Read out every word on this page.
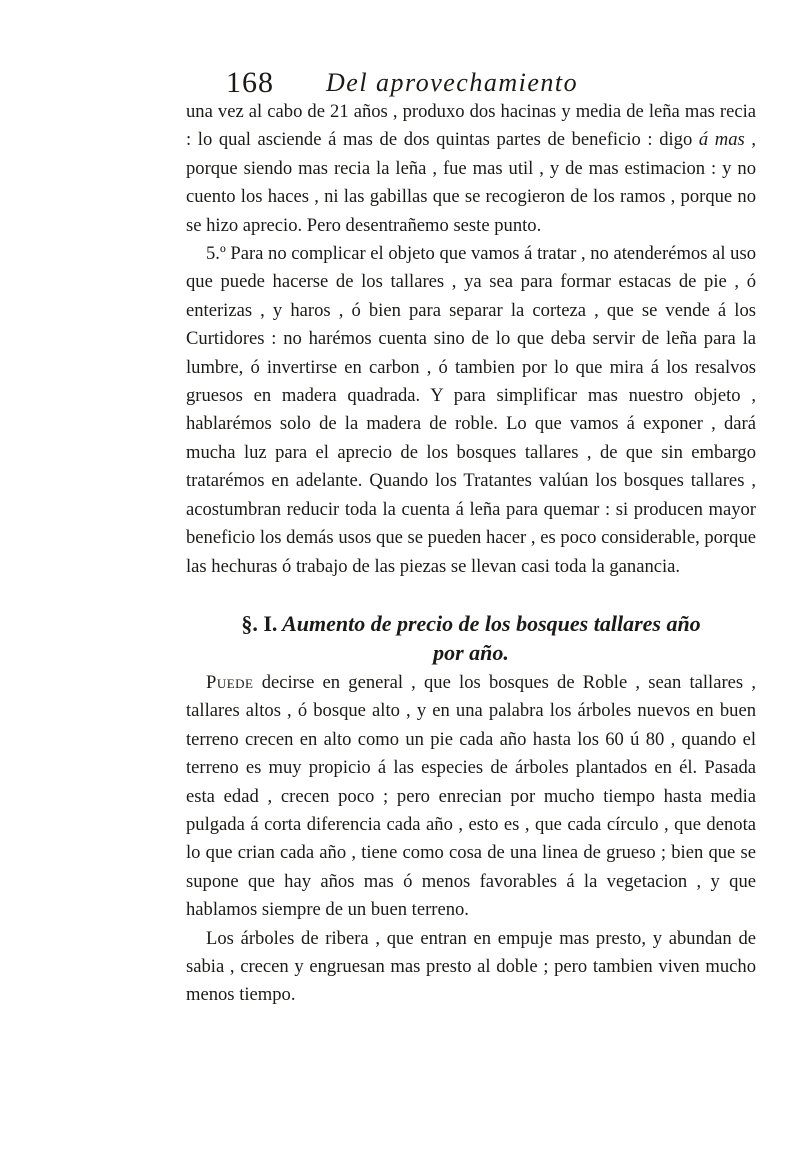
168 Del aprovechamiento

una vez al cabo de 21 años , produxo dos hacinas y media de leña mas recia : lo qual asciende á mas de dos quintas partes de beneficio : digo á mas , porque siendo mas recia la leña , fue mas util , y de mas estimacion : y no cuento los haces , ni las gabillas que se recogieron de los ramos , porque no se hizo aprecio. Pero desentrañemo seste punto.

5.º Para no complicar el objeto que vamos á tratar , no atenderémos al uso que puede hacerse de los tallares , ya sea para formar estacas de pie , ó enterizas , y haros , ó bien para separar la corteza , que se vende á los Curtidores : no harémos cuenta sino de lo que deba servir de leña para la lumbre, ó invertirse en carbon , ó tambien por lo que mira á los resalvos gruesos en madera quadrada. Y para simplificar mas nuestro objeto , hablarémos solo de la madera de roble. Lo que vamos á exponer , dará mucha luz para el aprecio de los bosques tallares , de que sin embargo tratarémos en adelante. Quando los Tratantes valúan los bosques tallares , acostumbran reducir toda la cuenta á leña para quemar : si producen mayor beneficio los demás usos que se pueden hacer , es poco considerable, porque las hechuras ó trabajo de las piezas se llevan casi toda la ganancia.

§. I. Aumento de precio de los bosques tallares año

por año.

Puede decirse en general , que los bosques de Roble , sean tallares , tallares altos , ó bosque alto , y en una palabra los árboles nuevos en buen terreno crecen en alto como un pie cada año hasta los 60 ú 80 , quando el terreno es muy propicio á las especies de árboles plantados en él. Pasada esta edad , crecen poco ; pero enrecian por mucho tiempo hasta media pulgada á corta diferencia cada año , esto es , que cada círculo , que denota lo que crian cada año , tiene como cosa de una linea de grueso ; bien que se supone que hay años mas ó menos favorables á la vegetacion , y que hablamos siempre de un buen terreno.

Los árboles de ribera , que entran en empuje mas presto, y abundan de sabia , crecen y engruesan mas presto al doble ; pero tambien viven mucho menos tiempo.
